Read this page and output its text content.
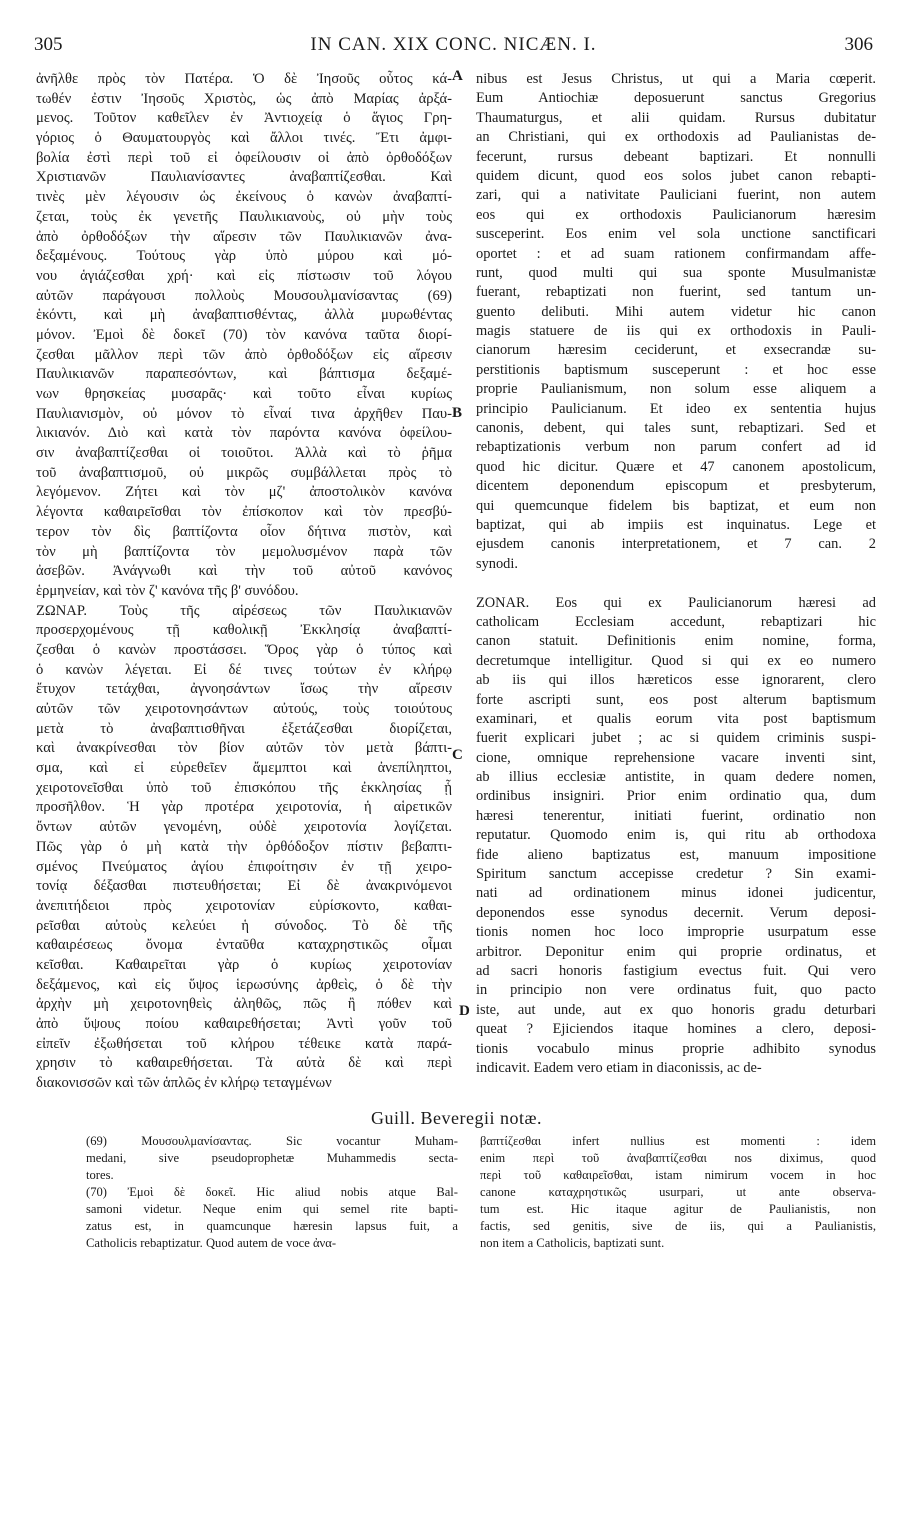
305	IN CAN. XIX CONC. NICÆN. I.	306
ἀνῆλθε πρὸς τὸν Πατέρα. Ὁ δὲ Ἰησοῦς οὗτος κά-
τωθέν ἐστιν Ἰησοῦς Χριστὸς, ὡς ἀπὸ Μαρίας ἀρξά-
μενος. Τοῦτον καθεῖλεν ἐν Ἀντιοχείᾳ ὁ ἅγιος Γρη-
γόριος ὁ Θαυματουργὸς καὶ ἄλλοι τινές. Ἔτι ἀμφι-
βολία ἐστὶ περὶ τοῦ εἰ ὀφείλουσιν οἱ ἀπὸ ὀρθοδόξων
Χριστιανῶν Παυλιανίσαντες ἀναβαπτίζεσθαι. Καὶ
τινὲς μὲν λέγουσιν ὡς ἐκείνους ὁ κανὼν ἀναβαπτί-
ζεται, τοὺς ἐκ γενετῆς Παυλικιανοὺς, οὐ μὴν τοὺς
ἀπὸ ὀρθοδόξων τὴν αἵρεσιν τῶν Παυλικιανῶν ἀνα-
δεξαμένους. Τούτους γὰρ ὑπὸ μύρου καὶ μό-
νου ἁγιάζεσθαι χρή· καὶ εἰς πίστωσιν τοῦ λόγου
αὐτῶν παράγουσι πολλοὺς Μουσουλμανίσαντας (69)
ἑκόντι, καὶ μὴ ἀναβαπτισθέντας, ἀλλὰ μυρωθέντας
μόνον. Ἐμοὶ δὲ δοκεῖ (70) τὸν κανόνα ταῦτα διορί-
ζεσθαι μᾶλλον περὶ τῶν ἀπὸ ὀρθοδόξων εἰς αἵρεσιν
Παυλικιανῶν παραπεσόντων, καὶ βάπτισμα δεξαμέ-
νων θρησκείας μυσαρᾶς· καὶ τοῦτο εἶναι κυρίως
Παυλιανισμὸν, οὐ μόνον τὸ εἶναί τινα ἀρχῆθεν Παυ-
λικιανόν. Διὸ καὶ κατὰ τὸν παρόντα κανόνα ὀφείλου-
σιν ἀναβαπτίζεσθαι οἱ τοιοῦτοι. Ἀλλὰ καὶ τὸ ῥῆμα
τοῦ ἀναβαπτισμοῦ, οὐ μικρῶς συμβάλλεται πρὸς τὸ
λεγόμενον. Ζήτει καὶ τὸν μζ' ἀποστολικὸν κανόνα
λέγοντα καθαιρεῖσθαι τὸν ἐπίσκοπον καὶ τὸν πρεσβύ-
τερον τὸν δὶς βαπτίζοντα οἷον δήτινα πιστὸν, καὶ
τὸν μὴ βαπτίζοντα τὸν μεμολυσμένον παρὰ τῶν
ἀσεβῶν. Ἀνάγνωθι καὶ τὴν τοῦ αὐτοῦ κανόνος
ἑρμηνείαν, καὶ τὸν ζ' κανόνα τῆς β' συνόδου.
ΖΩΝΑΡ. Τοὺς τῆς αἱρέσεως τῶν Παυλικιανῶν
προσερχομένους τῇ καθολικῇ Ἐκκλησίᾳ ἀναβαπτί-
ζεσθαι ὁ κανὼν προστάσσει. Ὅρος γὰρ ὁ τύπος καὶ
ὁ κανὼν λέγεται. Εἰ δέ τινες τούτων ἐν κλήρῳ
ἔτυχον τετάχθαι, ἀγνοησάντων ἴσως τὴν αἵρεσιν
αὐτῶν τῶν χειροτονησάντων αὐτούς, τοὺς τοιούτους
μετὰ τὸ ἀναβαπτισθῆναι ἐξετάζεσθαι διορίζεται,
καὶ ἀνακρίνεσθαι τὸν βίον αὐτῶν τὸν μετὰ βάπτι-
σμα, καὶ εἰ εὑρεθεῖεν ἄμεμπτοι καὶ ἀνεπίληπτοι,
χειροτονεῖσθαι ὑπὸ τοῦ ἐπισκόπου τῆς ἐκκλησίας ᾗ
προσῆλθον. Ἡ γὰρ προτέρα χειροτονία, ἡ αἱρετικῶν
ὄντων αὐτῶν γενομένη, οὐδὲ χειροτονία λογίζεται.
Πῶς γὰρ ὁ μὴ κατὰ τὴν ὀρθόδοξον πίστιν βεβαπτι-
σμένος Πνεύματος ἁγίου ἐπιφοίτησιν ἐν τῇ χειρο-
τονίᾳ δέξασθαι πιστευθήσεται; Εἰ δὲ ἀνακρινόμενοι
ἀνεπιτήδειοι πρὸς χειροτονίαν εὑρίσκοντο, καθαι-
ρεῖσθαι αὐτοὺς κελεύει ἡ σύνοδος. Τὸ δὲ τῆς
καθαιρέσεως ὄνομα ἐνταῦθα καταχρηστικῶς οἶμαι
κεῖσθαι. Καθαιρεῖται γὰρ ὁ κυρίως χειροτονίαν
δεξάμενος, καὶ εἰς ὕψος ἱερωσύνης ἀρθεὶς, ὁ δὲ τὴν
ἀρχὴν μὴ χειροτονηθεὶς ἀληθῶς, πῶς ἢ πόθεν καὶ
ἀπὸ ὕψους ποίου καθαιρεθήσεται; Ἀντὶ γοῦν τοῦ
εἰπεῖν ἐξωθήσεται τοῦ κλήρου τέθεικε κατὰ παρά-
χρησιν τὸ καθαιρεθήσεται. Τὰ αὐτὰ δὲ καὶ περὶ
διακονισσῶν καὶ τῶν ἁπλῶς ἐν κλήρῳ τεταγμένων
nibus est Jesus Christus, ut qui a Maria cœperit.
Eum Antiochiæ deposuerunt sanctus Gregorius
Thaumaturgus, et alii quidam. Rursus dubitatur
an Christiani, qui ex orthodoxis ad Paulianistas de-
fecerunt, rursus debeant baptizari. Et nonnulli
quidem dicunt, quod eos solos jubet canon rebapti-
zari, qui a nativitate Pauliciani fuerint, non autem
eos qui ex orthodoxis Paulicianorum hæresim
susceperint. Eos enim vel sola unctione sanctificari
oportet : et ad suam rationem confirmandam affe-
runt, quod multi qui sua sponte Musulmanistæ
fuerant, rebaptizati non fuerint, sed tantum un-
guento delibuti. Mihi autem videtur hic canon
magis statuere de iis qui ex orthodoxis in Pauli-
cianorum hæresim ceciderunt, et exsecrandæ su-
perstitionis baptismum susceperunt : et hoc esse
proprie Paulianismum, non solum esse aliquem a
principio Paulicianum. Et ideo ex sententia hujus
canonis, debent, qui tales sunt, rebaptizari. Sed et
rebaptizationis verbum non parum confert ad id
quod hic dicitur. Quære et 47 canonem apostolicum,
dicentem deponendum episcopum et presbyterum,
qui quemcunque fidelem bis baptizat, et eum non
baptizat, qui ab impiis est inquinatus. Lege et
ejusdem canonis interpretationem, et 7 can. 2
synodi.
ZONAR. Eos qui ex Paulicianorum hæresi ad
catholicam Ecclesiam accedunt, rebaptizari hic
canon statuit. Definitionis enim nomine, forma,
decretumque intelligitur. Quod si qui ex eo numero
ab iis qui illos hæreticos esse ignorarent, clero
forte ascripti sunt, eos post alterum baptismum
examinari, et qualis eorum vita post baptismum
fuerit explicari jubet ; ac si quidem criminis suspi-
cione, omnique reprehensione vacare inventi sint,
ab illius ecclesiæ antistite, in quam dedere nomen,
ordinibus insigniri. Prior enim ordinatio qua, dum
hæresi tenerentur, initiati fuerint, ordinatio non
reputatur. Quomodo enim is, qui ritu ab orthodoxa
fide alieno baptizatus est, manuum impositione
Spiritum sanctum accepisse credetur ? Sin exami-
nati ad ordinationem minus idonei judicentur,
deponendos esse synodus decernit. Verum deposi-
tionis nomen hoc loco improprie usurpatum esse
arbitror. Deponitur enim qui proprie ordinatus, et
ad sacri honoris fastigium evectus fuit. Qui vero
in principio non vere ordinatus fuit, quo pacto
iste, aut unde, aut ex quo honoris gradu deturbari
queat ? Ejiciendos itaque homines a clero, deposi-
tionis vocabulo minus proprie adhibito synodus
indicavit. Eadem vero etiam in diaconissis, ac de-
A
B
C
D
Guill. Beveregii notæ.
(69) Μουσουλμανίσαντας. Sic vocantur Muham-
medani, sive pseudoprophetæ Muhammedis secta-
tores.
(70) Ἐμοὶ δὲ δοκεῖ. Hic aliud nobis atque Bal-
samoni videtur. Neque enim qui semel rite bapti-
zatus est, in quamcunque hæresin lapsus fuit, a
Catholicis rebaptizatur. Quod autem de voce ἀνα-
βαπτίζεσθαι infert nullius est momenti : idem
enim περὶ τοῦ ἀναβαπτίζεσθαι nos diximus, quod
περὶ τοῦ καθαιρεῖσθαι, istam nimirum vocem in hoc
canone καταχρηστικῶς usurpari, ut ante observa-
tum est. Hic itaque agitur de Paulianistis, non
factis, sed genitis, sive de iis, qui a Paulianistis,
non item a Catholicis, baptizati sunt.
